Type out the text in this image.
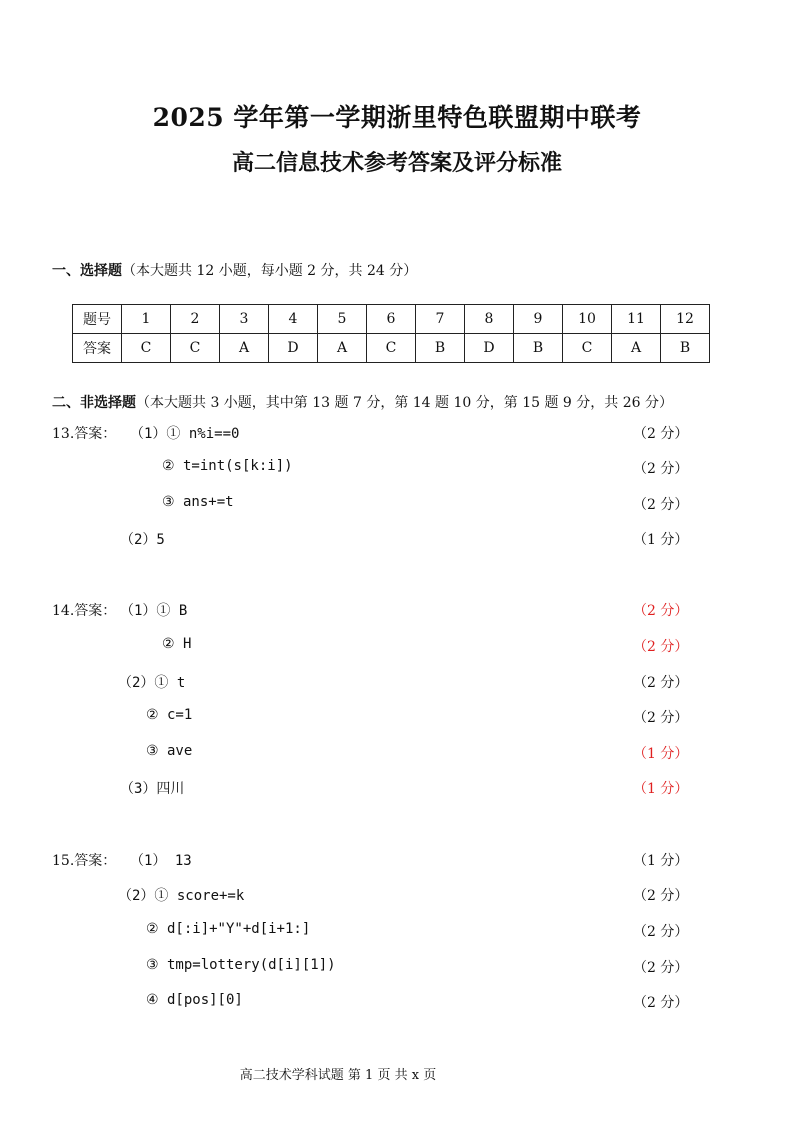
2025 学年第一学期浙里特色联盟期中联考
高二信息技术参考答案及评分标准
一、选择题（本大题共 12 小题，每小题 2 分，共 24 分）
题号	1	2	3	4	5	6	7	8	9	10	11	12
答案	C	C	A	D	A	C	B	D	B	C	A	B
二、非选择题（本大题共 3 小题，其中第 13 题 7 分，第 14 题 10 分，第 15 题 9 分，共 26 分）
13.答案： （1）① n%i==0	（2 分）
② t=int(s[k:i])	（2 分）
③ ans+=t	（2 分）
（2）5	（1 分）
14.答案： （1）① B	（2 分）
② H	（2 分）
（2）① t	（2 分）
② c=1	（2 分）
③ ave	（1 分）
（3）四川	（1 分）
15.答案： （1） 13	（1 分）
（2）① score+=k	（2 分）
② d[:i]+"Y"+d[i+1:]	（2 分）
③ tmp=lottery(d[i][1])	（2 分）
④ d[pos][0]	（2 分）
高二技术学科试题 第 1 页 共 x 页
